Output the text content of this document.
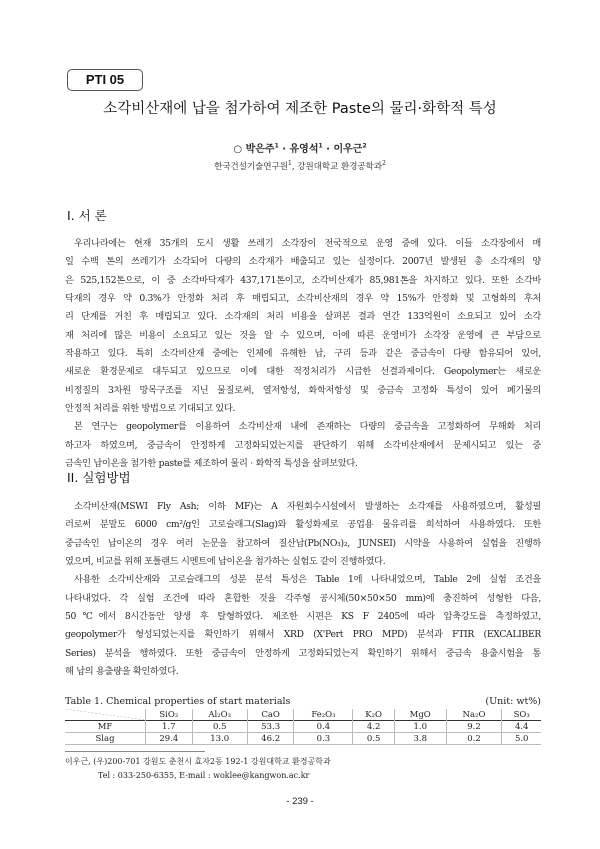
PTI 05
소각비산재에 납을 첨가하여 제조한 Paste의 물리·화학적 특성
○ 박은주$^1$ · 유영석$^1$ · 이우근$^2$
한국건설기술연구원$^1$, 강원대학교 환경공학과$^2$
I. 서 론
우리나라에는 현재 35개의 도시 생활 쓰레기 소각장이 전국적으로 운영 중에 있다. 이들 소각장에서 매
일 수백 톤의 쓰레기가 소각되어 다량의 소각재가 배출되고 있는 실정이다. 2007년 발생된 총 소각재의 양
은 525,152톤으로, 이 중 소각바닥재가 437,171톤이고, 소각비산재가 85,981톤을 차지하고 있다. 또한 소각바
닥재의 경우 약 0.3%가 안정화 처리 후 매립되고, 소각비산재의 경우 약 15%가 안정화 및 고형화의 후처
리 단계를 거친 후 매립되고 있다. 소각재의 처리 비용을 살펴본 결과 연간 133억원이 소요되고 있어 소각
재 처리에 많은 비용이 소요되고 있는 것을 알 수 있으며, 이에 따른 운영비가 소각장 운영에 큰 부담으로
작용하고 있다. 특히 소각비산재 중에는 인체에 유해한 납, 구리 등과 같은 중금속이 다량 함유되어 있어,
새로운 환경문제로 대두되고 있으므로 이에 대한 적정처리가 시급한 선결과제이다. Geopolymer는 새로운
비정질의 3차원 망목구조를 지닌 물질로써, 열저항성, 화학저항성 및 중금속 고정화 특성이 있어 폐기물의
안정적 처리를 위한 방법으로 기대되고 있다.
본 연구는 geopolymer를 이용하여 소각비산재 내에 존재하는 다량의 중금속을 고정화하여 무해화 처리
하고자 하였으며, 중금속이 안정하게 고정화되었는지를 판단하기 위해 소각비산재에서 문제시되고 있는 중
금속인 납이온을 첨가한 paste를 제조하여 물리 · 화학적 특성을 살펴보았다.
II. 실험방법
소각비산재(MSWI Fly Ash; 이하 MF)는 A 자원회수시설에서 발생하는 소각재를 사용하였으며, 활성필
러로써 분말도 6000 cm²/g인 고로슬래그(Slag)와 활성화제로 공업용 물유리를 희석하여 사용하였다. 또한
중금속인 납이온의 경우 여러 논문을 참고하여 질산납(Pb(NO₃)₂, JUNSEI) 시약을 사용하여 실험을 진행하
였으며, 비교를 위해 포틀랜드 시멘트에 납이온을 첨가하는 실험도 같이 진행하였다.
사용한 소각비산재와 고로슬래그의 성분 분석 특성은 Table 1에 나타내었으며, Table 2에 실험 조건을
나타내었다. 각 실험 조건에 따라 혼합한 것을 각주형 공시체(50×50×50 mm)에 충진하여 성형한 다음,
50℃에서 8시간동안 양생 후 탈형하였다. 제조한 시편은 KS F 2405에 따라 압축강도를 측정하였고,
geopolymer가 형성되었는지를 확인하기 위해서 XRD (X'Pert PRO MPD) 분석과 FTIR (EXCALIBER
Series) 분석을 행하였다. 또한 중금속이 안정하게 고정화되었는지 확인하기 위해서 중금속 용출시험을 통
해 납의 용출량을 확인하였다.
Table 1. Chemical properties of start materials	(Unit: wt%)
	SiO₂	Al₂O₃	CaO	Fe₂O₃	K₂O	MgO	Na₂O	SO₃
MF	1.7	0.5	53.3	0.4	4.2	1.0	9.2	4.4
Slag	29.4	13.0	46.2	0.3	0.5	3.8	0.2	5.0
이우근, (우)200-701 강원도 춘천시 효자2동 192-1 강원대학교 환경공학과
Tel : 033-250-6355, E-mail : woklee@kangwon.ac.kr
- 239 -
